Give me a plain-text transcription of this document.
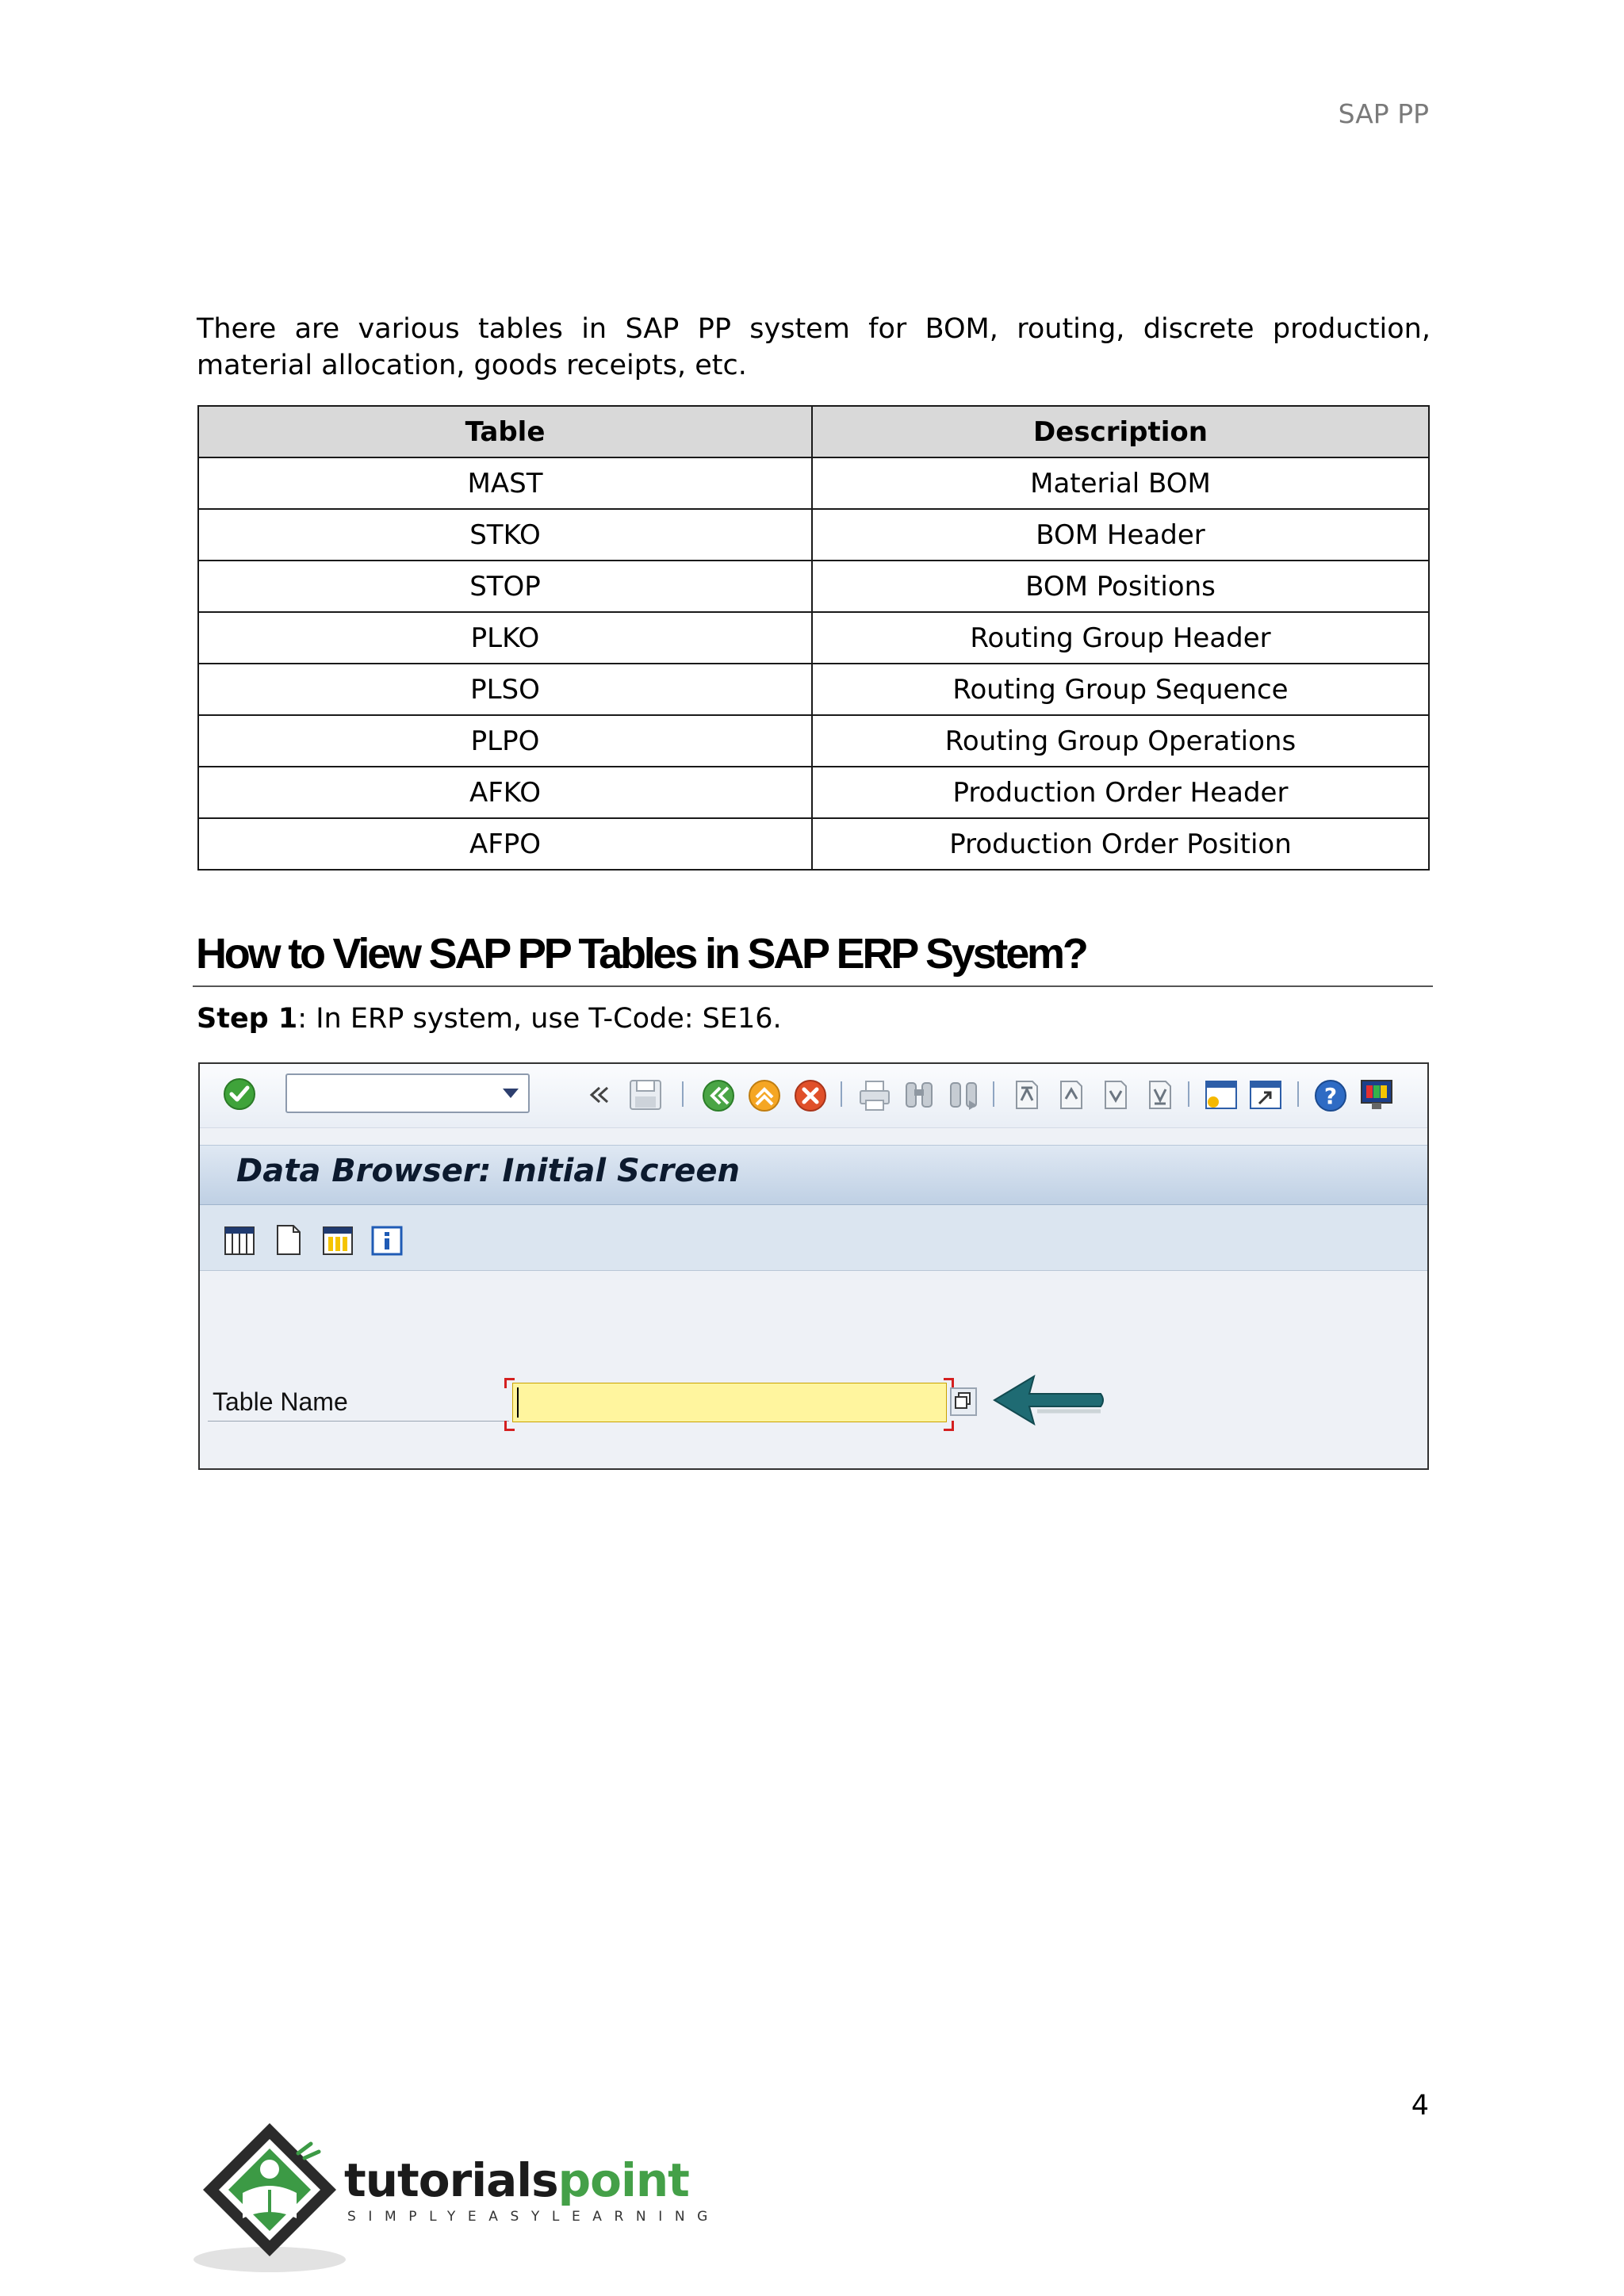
SAP PP

There are various tables in SAP PP system for BOM, routing, discrete production, material allocation, goods receipts, etc.

Table	Description
MAST	Material BOM
STKO	BOM Header
STOP	BOM Positions
PLKO	Routing Group Header
PLSO	Routing Group Sequence
PLPO	Routing Group Operations
AFKO	Production Order Header
AFPO	Production Order Position
How to View SAP PP Tables in SAP ERP System?
Step 1: In ERP system, use T-Code: SE16.
?
Data Browser: Initial Screen
Table Name
4
tutorialspoint
SIMPLYEASYLEARNING
